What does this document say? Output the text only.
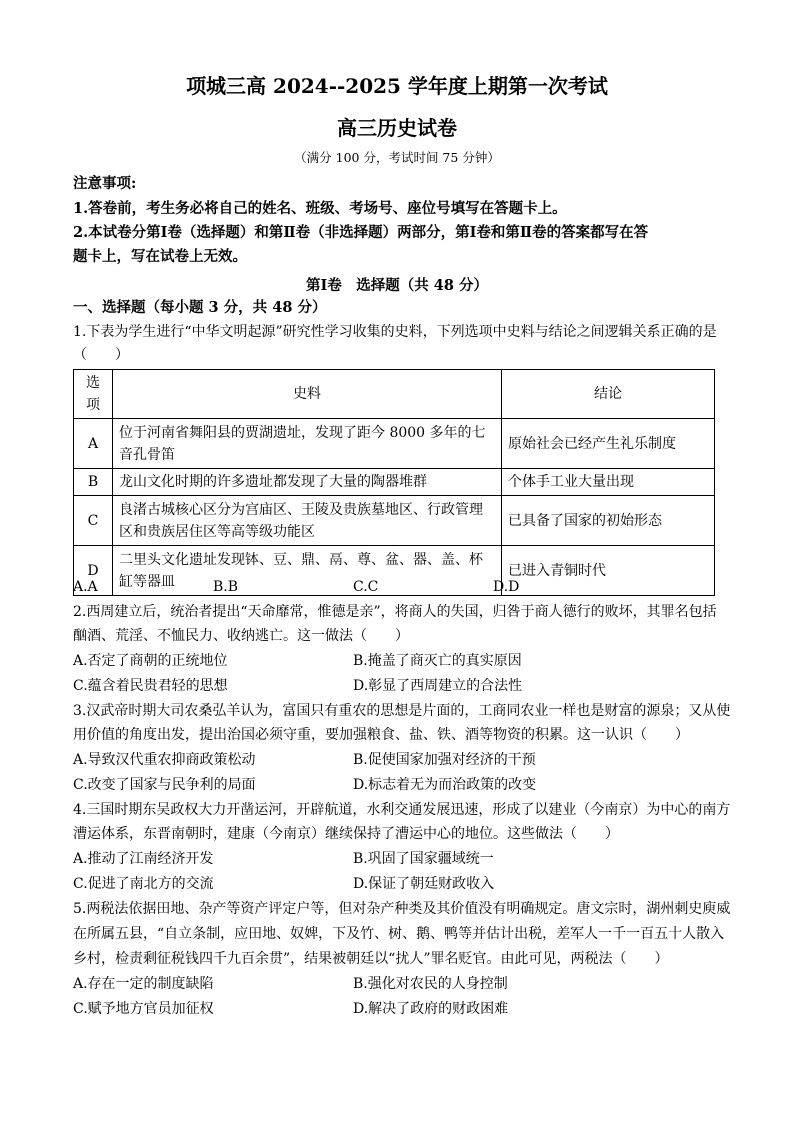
项城三高 2024--2025 学年度上期第一次考试
高三历史试卷
（满分 100 分，考试时间 75 分钟）
注意事项:
1.答卷前，考生务必将自己的姓名、班级、考场号、座位号填写在答题卡上。
2.本试卷分第Ⅰ卷（选择题）和第Ⅱ卷（非选择题）两部分，第Ⅰ卷和第Ⅱ卷的答案都写在答
题卡上，写在试卷上无效。
第Ⅰ卷　选择题（共 48 分）
一、选择题（每小题 3 分，共 48 分）
1.下表为学生进行“中华文明起源”研究性学习收集的史料，下列选项中史料与结论之间逻辑关系正确的是
（　　）
选项	史料	结论
A	位于河南省舞阳县的贾湖遗址，发现了距今 8000 多年的七音孔骨笛	原始社会已经产生礼乐制度
B	龙山文化时期的许多遗址都发现了大量的陶器堆群	个体手工业大量出现
C	良渚古城核心区分为宫庙区、王陵及贵族墓地区、行政管理区和贵族居住区等高等级功能区	已具备了国家的初始形态
D	二里头文化遗址发现钵、豆、鼎、鬲、尊、盆、器、盖、杯缸等器皿	已进入青铜时代
A.A	B.B	C.C	D.D
2.西周建立后，统治者提出“天命靡常，惟德是亲”，将商人的失国，归咎于商人德行的败坏，其罪名包括
酗酒、荒淫、不恤民力、收纳逃亡。这一做法（　　）
A.否定了商朝的正统地位	B.掩盖了商灭亡的真实原因
C.蕴含着民贵君轻的思想	D.彰显了西周建立的合法性
3.汉武帝时期大司农桑弘羊认为，富国只有重农的思想是片面的，工商同农业一样也是财富的源泉；又从使
用价值的角度出发，提出治国必须守重，要加强粮食、盐、铁、酒等物资的积累。这一认识（　　）
A.导致汉代重农抑商政策松动	B.促使国家加强对经济的干预
C.改变了国家与民争利的局面	D.标志着无为而治政策的改变
4.三国时期东吴政权大力开凿运河，开辟航道，水利交通发展迅速，形成了以建业（今南京）为中心的南方
漕运体系，东晋南朝时，建康（今南京）继续保持了漕运中心的地位。这些做法（　　）
A.推动了江南经济开发	B.巩固了国家疆域统一
C.促进了南北方的交流	D.保证了朝廷财政收入
5.两税法依据田地、杂产等资产评定户等，但对杂产种类及其价值没有明确规定。唐文宗时，湖州刺史庾威
在所属五县，“自立条制，应田地、奴婢，下及竹、树、鹅、鸭等并估计出税，差军人一千一百五十人散入
乡村，检责剩征税钱四千九百余贯”，结果被朝廷以“扰人”罪名贬官。由此可见，两税法（　　）
A.存在一定的制度缺陷	B.强化对农民的人身控制
C.赋予地方官员加征权	D.解决了政府的财政困难
